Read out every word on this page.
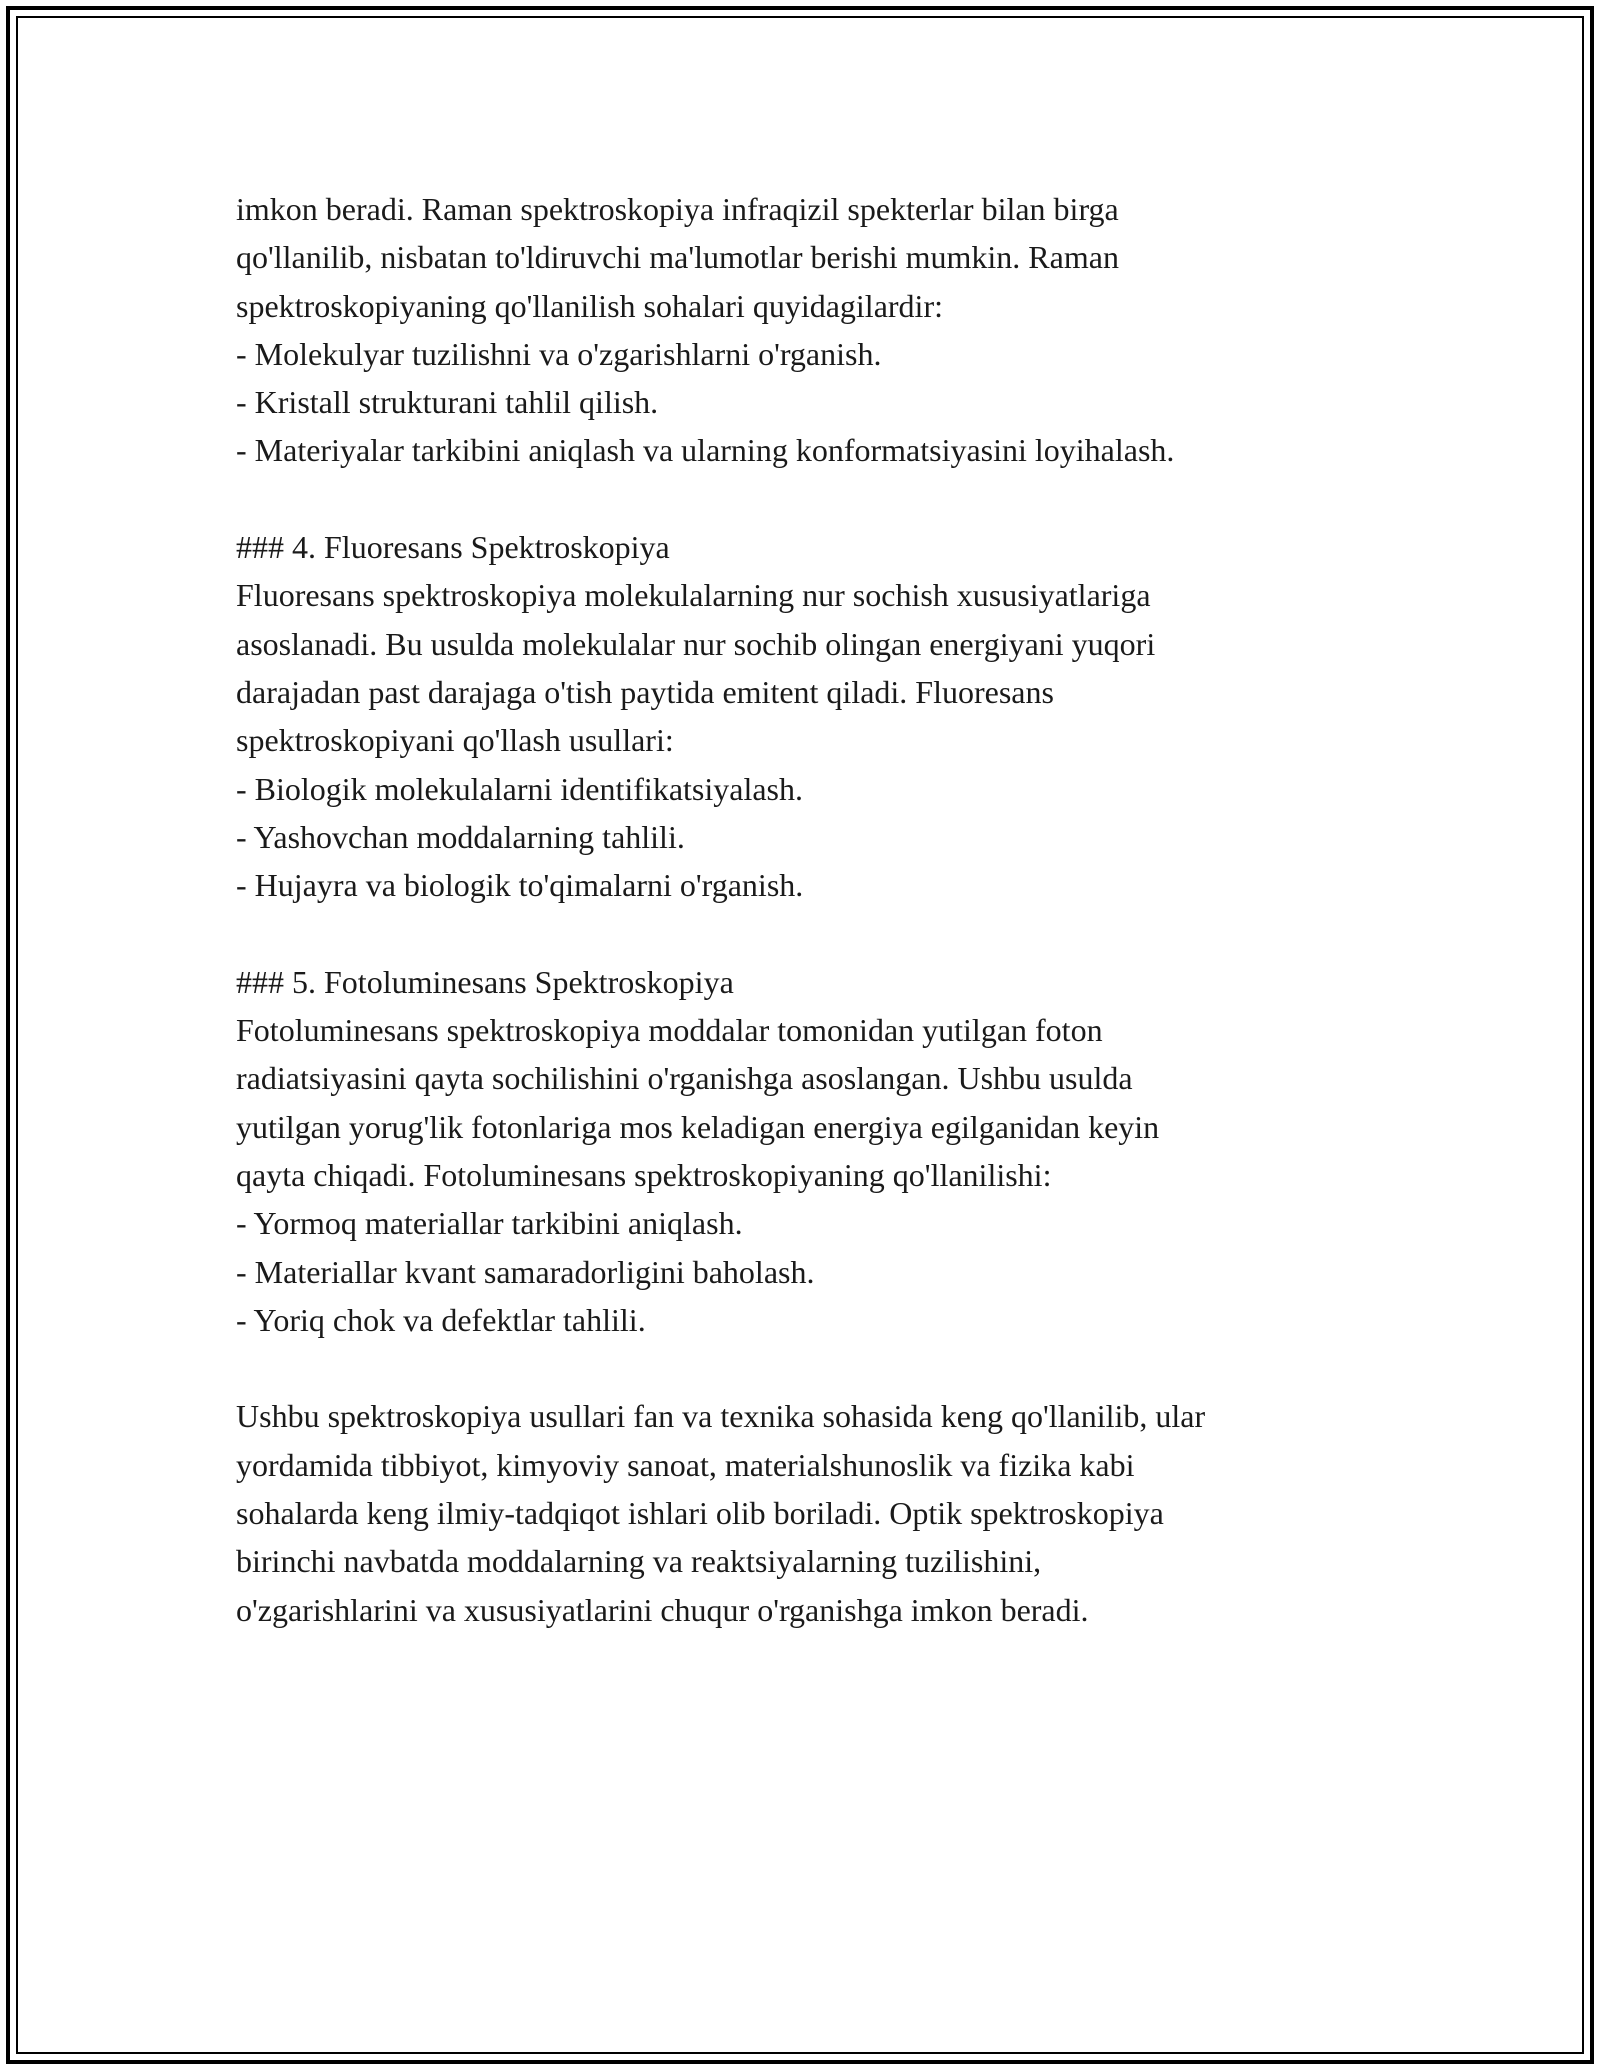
imkon beradi. Raman spektroskopiya infraqizil spekterlar bilan birga
qo'llanilib, nisbatan to'ldiruvchi ma'lumotlar berishi mumkin. Raman
spektroskopiyaning qo'llanilish sohalari quyidagilardir:
- Molekulyar tuzilishni va o'zgarishlarni o'rganish.
- Kristall strukturani tahlil qilish.
- Materiyalar tarkibini aniqlash va ularning konformatsiyasini loyihalash.
### 4. Fluoresans Spektroskopiya
Fluoresans spektroskopiya molekulalarning nur sochish xususiyatlariga
asoslanadi. Bu usulda molekulalar nur sochib olingan energiyani yuqori
darajadan past darajaga o'tish paytida emitent qiladi. Fluoresans
spektroskopiyani qo'llash usullari:
- Biologik molekulalarni identifikatsiyalash.
- Yashovchan moddalarning tahlili.
- Hujayra va biologik to'qimalarni o'rganish.
### 5. Fotoluminesans Spektroskopiya
Fotoluminesans spektroskopiya moddalar tomonidan yutilgan foton
radiatsiyasini qayta sochilishini o'rganishga asoslangan. Ushbu usulda
yutilgan yorug'lik fotonlariga mos keladigan energiya egilganidan keyin
qayta chiqadi. Fotoluminesans spektroskopiyaning qo'llanilishi:
- Yormoq materiallar tarkibini aniqlash.
- Materiallar kvant samaradorligini baholash.
- Yoriq chok va defektlar tahlili.
Ushbu spektroskopiya usullari fan va texnika sohasida keng qo'llanilib, ular
yordamida tibbiyot, kimyoviy sanoat, materialshunoslik va fizika kabi
sohalarda keng ilmiy-tadqiqot ishlari olib boriladi. Optik spektroskopiya
birinchi navbatda moddalarning va reaktsiyalarning tuzilishini,
o'zgarishlarini va xususiyatlarini chuqur o'rganishga imkon beradi.
